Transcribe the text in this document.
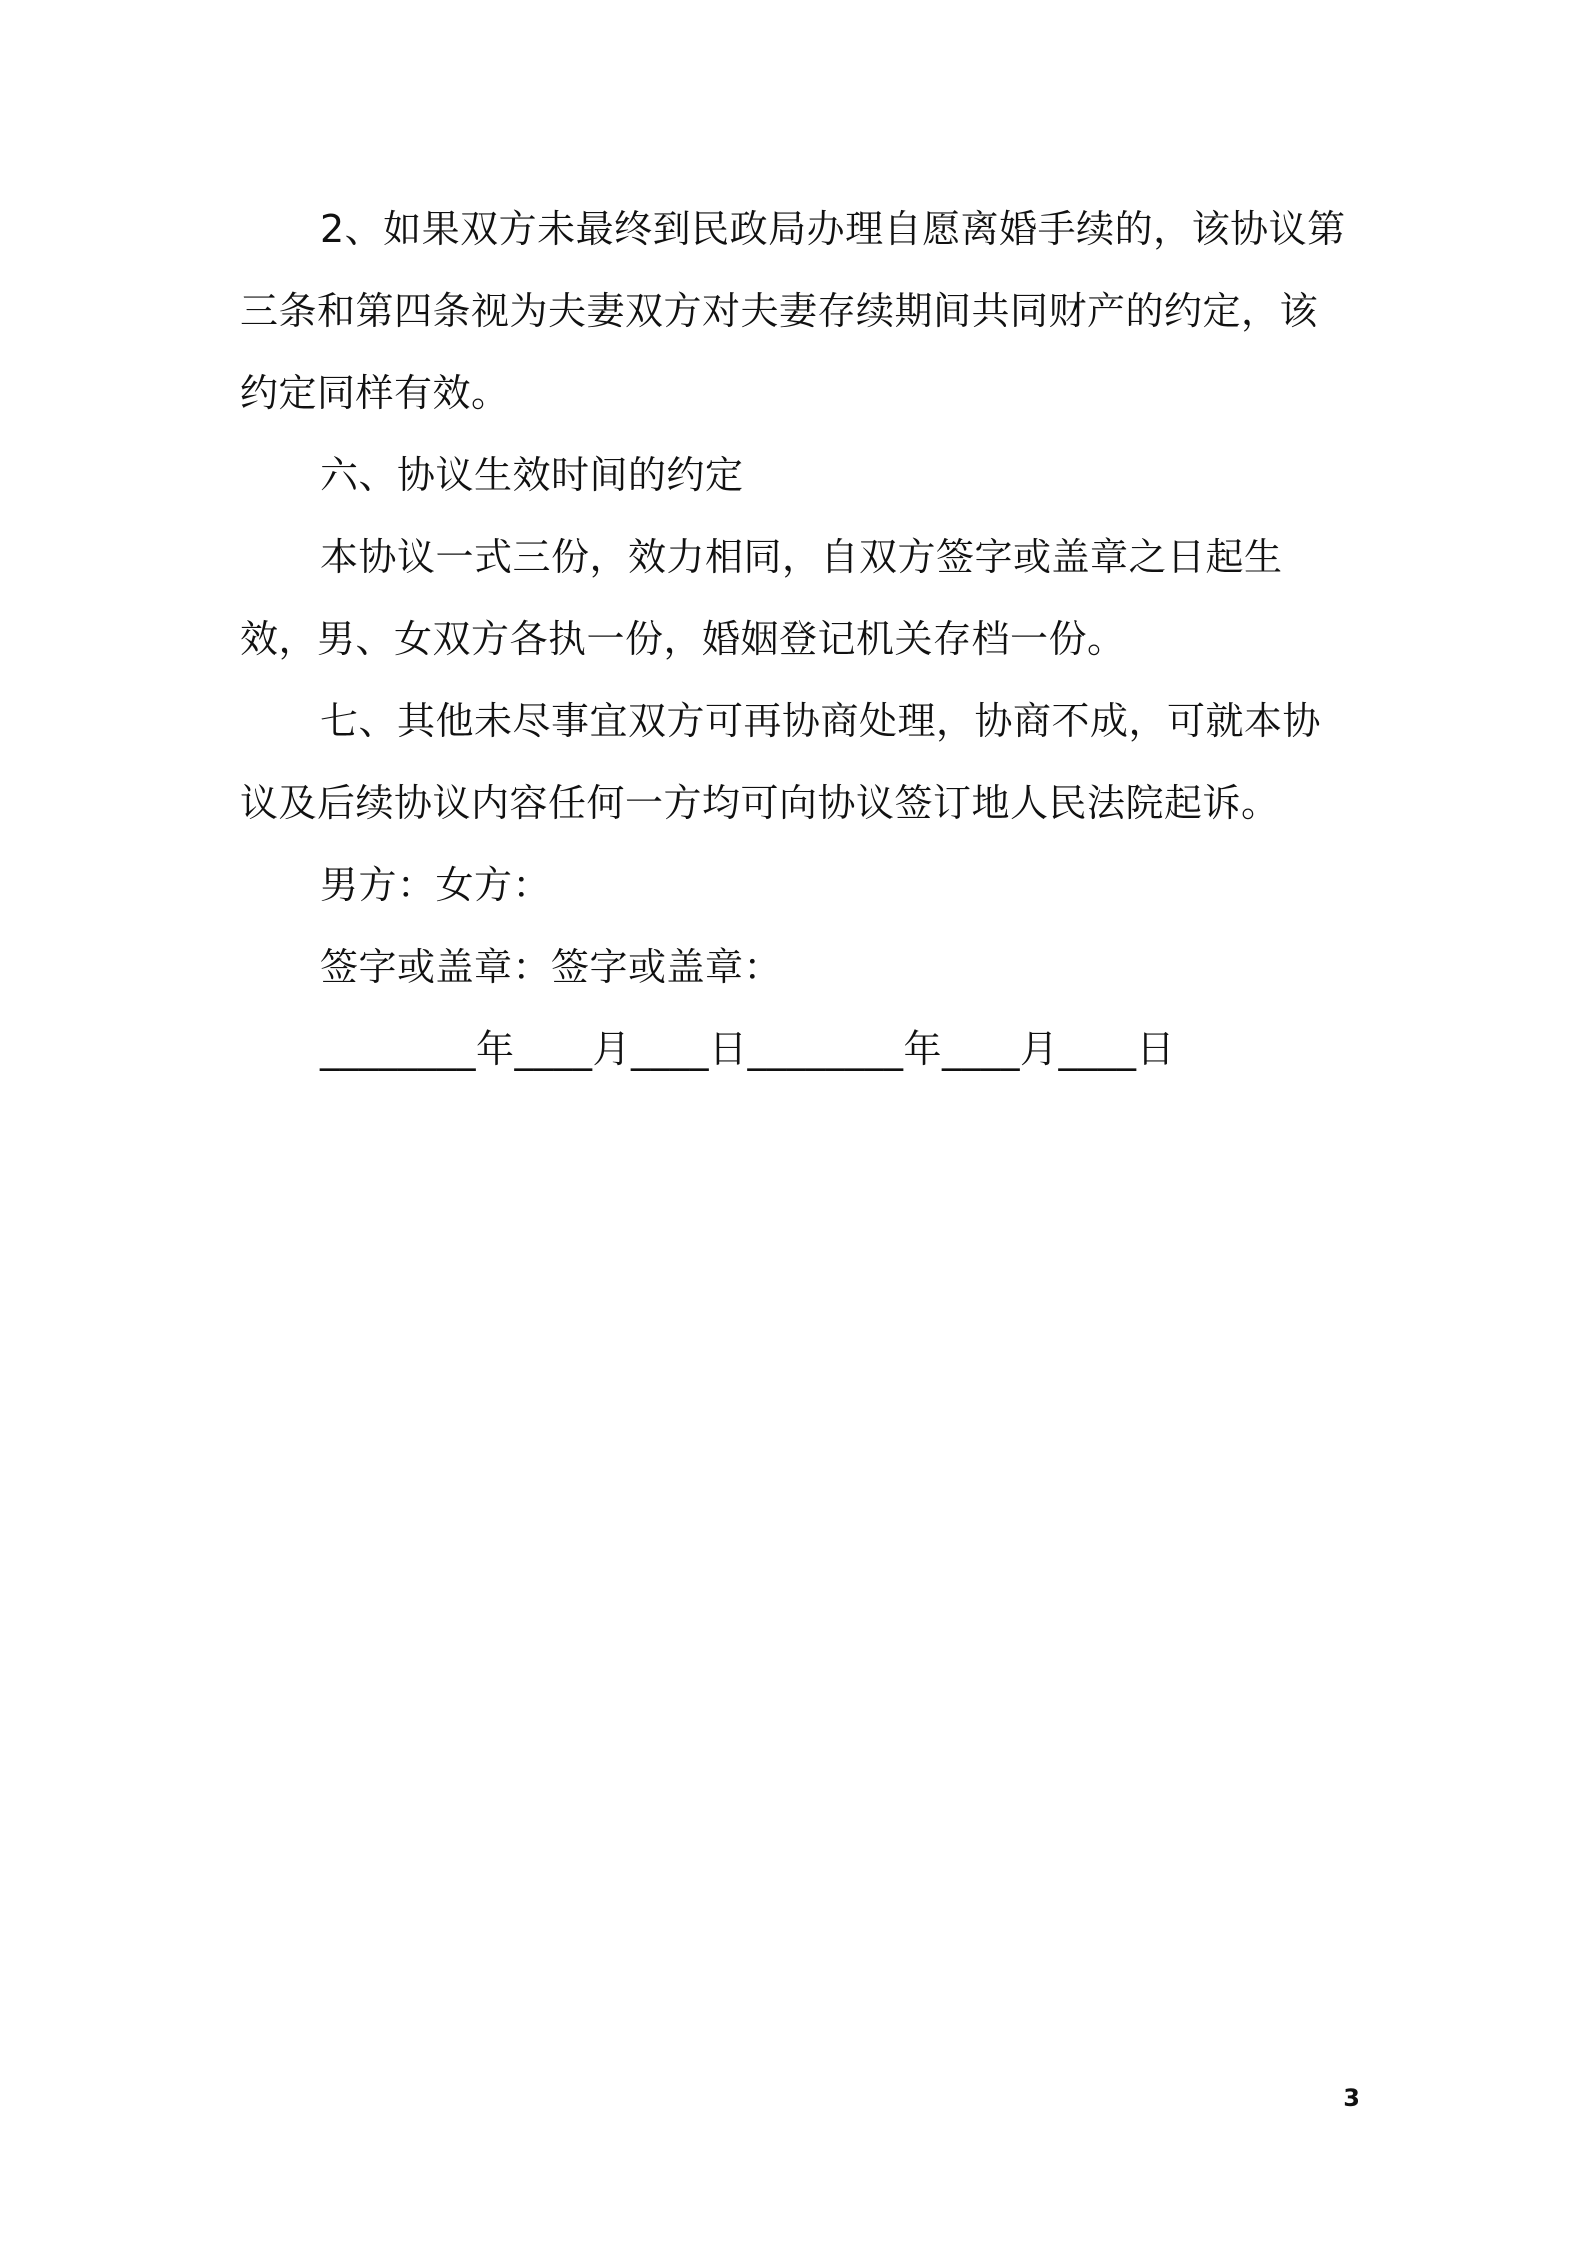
2、如果双方未最终到民政局办理自愿离婚手续的，该协议第三条和第四条视为夫妻双方对夫妻存续期间共同财产的约定，该约定同样有效。

六、协议生效时间的约定

本协议一式三份，效力相同，自双方签字或盖章之日起生效，男、女双方各执一份，婚姻登记机关存档一份。

七、其他未尽事宜双方可再协商处理，协商不成，可就本协议及后续协议内容任何一方均可向协议签订地人民法院起诉。

男方：女方：

签字或盖章：签字或盖章：

________年____月____日________年____月____日

3
